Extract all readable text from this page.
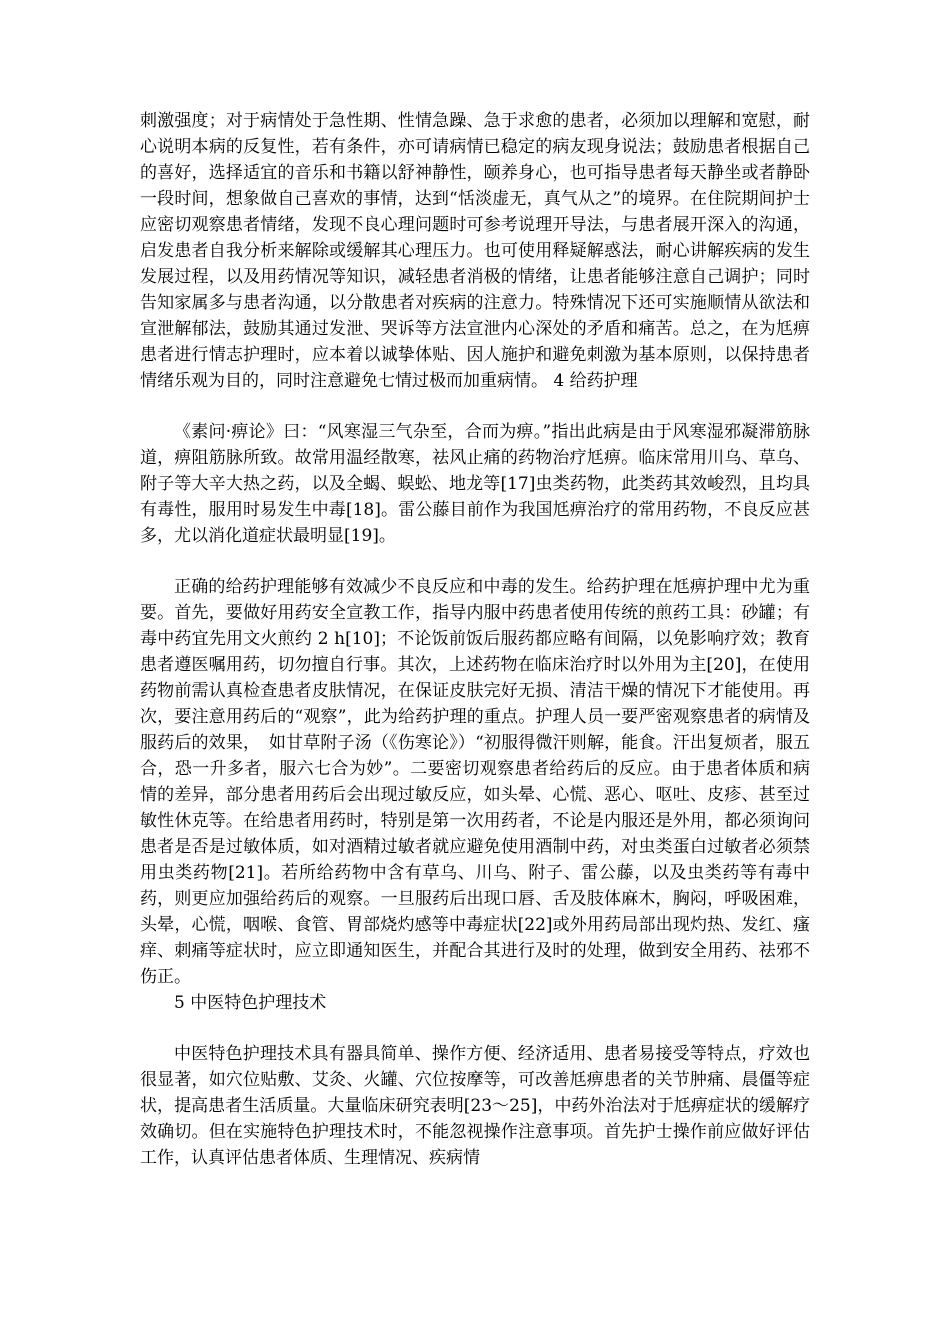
刺激强度；对于病情处于急性期、性情急躁、急于求愈的患者，必须加以理解和宽慰，耐心说明本病的反复性，若有条件，亦可请病情已稳定的病友现身说法；鼓励患者根据自己的喜好，选择适宜的音乐和书籍以舒神静性，颐养身心，也可指导患者每天静坐或者静卧一段时间，想象做自己喜欢的事情，达到“恬淡虚无，真气从之”的境界。在住院期间护士应密切观察患者情绪，发现不良心理问题时可参考说理开导法，与患者展开深入的沟通，启发患者自我分析来解除或缓解其心理压力。也可使用释疑解惑法，耐心讲解疾病的发生发展过程，以及用药情况等知识，减轻患者消极的情绪，让患者能够注意自己调护；同时告知家属多与患者沟通，以分散患者对疾病的注意力。特殊情况下还可实施顺情从欲法和宣泄解郁法，鼓励其通过发泄、哭诉等方法宣泄内心深处的矛盾和痛苦。总之，在为尪痹患者进行情志护理时，应本着以诚挚体贴、因人施护和避免刺激为基本原则，以保持患者情绪乐观为目的，同时注意避免七情过极而加重病情。 4 给药护理

《素问·痹论》曰：“风寒湿三气杂至，合而为痹。”指出此病是由于风寒湿邪凝滞筋脉道，痹阻筋脉所致。故常用温经散寒，祛风止痛的药物治疗尪痹。临床常用川乌、草乌、附子等大辛大热之药，以及全蝎、蜈蚣、地龙等[17]虫类药物，此类药其效峻烈，且均具有毒性，服用时易发生中毒[18]。雷公藤目前作为我国尪痹治疗的常用药物，不良反应甚多，尤以消化道症状最明显[19]。

正确的给药护理能够有效减少不良反应和中毒的发生。给药护理在尪痹护理中尤为重要。首先，要做好用药安全宣教工作，指导内服中药患者使用传统的煎药工具：砂罐；有毒中药宜先用文火煎约 2 h[10]；不论饭前饭后服药都应略有间隔，以免影响疗效；教育患者遵医嘱用药，切勿擅自行事。其次，上述药物在临床治疗时以外用为主[20]，在使用药物前需认真检查患者皮肤情况，在保证皮肤完好无损、清洁干燥的情况下才能使用。再次，要注意用药后的“观察”，此为给药护理的重点。护理人员一要严密观察患者的病情及服药后的效果，　如甘草附子汤（《伤寒论》）“初服得微汗则解，能食。汗出复烦者，服五合，恐一升多者，服六七合为妙”。二要密切观察患者给药后的反应。由于患者体质和病情的差异，部分患者用药后会出现过敏反应，如头晕、心慌、恶心、呕吐、皮疹、甚至过敏性休克等。在给患者用药时，特别是第一次用药者，不论是内服还是外用，都必须询问患者是否是过敏体质，如对酒精过敏者就应避免使用酒制中药，对虫类蛋白过敏者必须禁用虫类药物[21]。若所给药物中含有草乌、川乌、附子、雷公藤，以及虫类药等有毒中药，则更应加强给药后的观察。一旦服药后出现口唇、舌及肢体麻木，胸闷，呼吸困难，头晕，心慌，咽喉、食管、胃部烧灼感等中毒症状[22]或外用药局部出现灼热、发红、瘙痒、刺痛等症状时，应立即通知医生，并配合其进行及时的处理，做到安全用药、祛邪不伤正。

5 中医特色护理技术

中医特色护理技术具有器具简单、操作方便、经济适用、患者易接受等特点，疗效也很显著，如穴位贴敷、艾灸、火罐、穴位按摩等，可改善尪痹患者的关节肿痛、晨僵等症状，提高患者生活质量。大量临床研究表明[23～25]，中药外治法对于尪痹症状的缓解疗效确切。但在实施特色护理技术时，不能忽视操作注意事项。首先护士操作前应做好评估工作，认真评估患者体质、生理情况、疾病情
